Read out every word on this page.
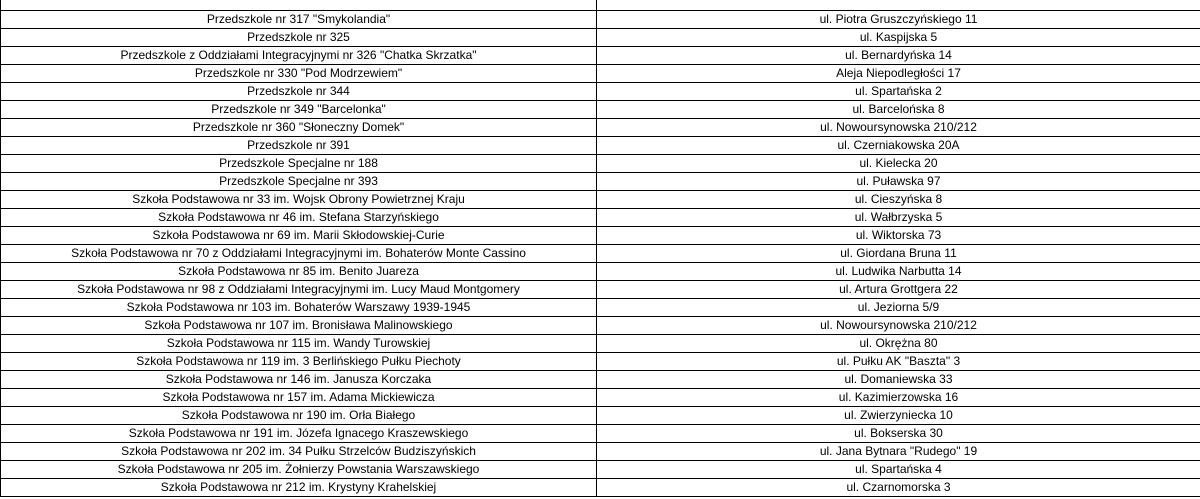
Przedszkole nr 317 "Smykolandia"	ul. Piotra Gruszczyńskiego 11
Przedszkole nr 325	ul. Kaspijska 5
Przedszkole z Oddziałami Integracyjnymi nr 326 "Chatka Skrzatka"	ul. Bernardyńska 14
Przedszkole nr 330 "Pod Modrzewiem"	Aleja Niepodległości 17
Przedszkole nr 344	ul. Spartańska 2
Przedszkole nr 349 "Barcelonka"	ul. Barcelońska 8
Przedszkole nr 360 "Słoneczny Domek"	ul. Nowoursynowska 210/212
Przedszkole nr 391	ul. Czerniakowska 20A
Przedszkole Specjalne nr 188	ul. Kielecka 20
Przedszkole Specjalne nr 393	ul. Puławska 97
Szkoła Podstawowa nr 33 im. Wojsk Obrony Powietrznej Kraju	ul. Cieszyńska 8
Szkoła Podstawowa nr 46 im. Stefana Starzyńskiego	ul. Wałbrzyska 5
Szkoła Podstawowa nr 69 im. Marii Skłodowskiej-Curie	ul. Wiktorska 73
Szkoła Podstawowa nr 70 z Oddziałami Integracyjnymi im. Bohaterów Monte Cassino	ul. Giordana Bruna 11
Szkoła Podstawowa nr 85 im. Benito Juareza	ul. Ludwika Narbutta 14
Szkoła Podstawowa nr 98 z Oddziałami Integracyjnymi im. Lucy Maud Montgomery	ul. Artura Grottgera 22
Szkoła Podstawowa nr 103 im. Bohaterów Warszawy 1939-1945	ul. Jeziorna 5/9
Szkoła Podstawowa nr 107 im. Bronisława Malinowskiego	ul. Nowoursynowska 210/212
Szkoła Podstawowa nr 115 im. Wandy Turowskiej	ul. Okrężna 80
Szkoła Podstawowa nr 119 im. 3 Berlińskiego Pułku Piechoty	ul. Pułku AK "Baszta" 3
Szkoła Podstawowa nr 146 im. Janusza Korczaka	ul. Domaniewska 33
Szkoła Podstawowa nr 157 im. Adama Mickiewicza	ul. Kazimierzowska 16
Szkoła Podstawowa nr 190 im. Orła Białego	ul. Zwierzyniecka 10
Szkoła Podstawowa nr 191 im. Józefa Ignacego Kraszewskiego	ul. Bokserska 30
Szkoła Podstawowa nr 202 im. 34 Pułku Strzelców Budziszyńskich	ul. Jana Bytnara "Rudego" 19
Szkoła Podstawowa nr 205 im. Żołnierzy Powstania Warszawskiego	ul. Spartańska 4
Szkoła Podstawowa nr 212 im. Krystyny Krahelskiej	ul. Czarnomorska 3
